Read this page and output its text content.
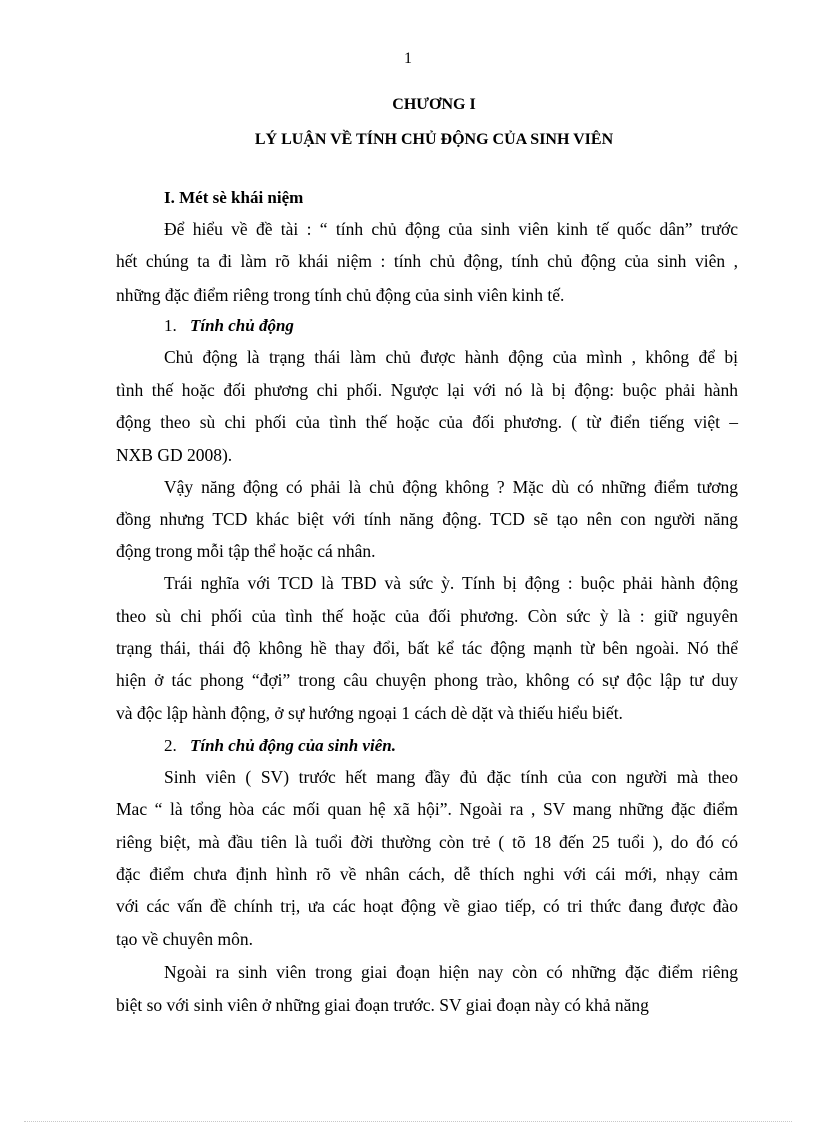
1
CHƯƠNG I
LÝ LUẬN VỀ TÍNH CHỦ ĐỘNG CỦA SINH VIÊN
I. Mét sè khái niệm
Để hiểu về đề tài : “ tính chủ động của sinh viên kinh tế quốc dân” trước
hết chúng ta đi làm rõ khái niệm : tính chủ động, tính chủ động của sinh viên ,
những đặc điểm riêng trong tính chủ động của sinh viên kinh tế.
1. Tính chủ động
Chủ động là trạng thái làm chủ được hành động của mình , không để bị
tình thế hoặc đối phương chi phối. Ngược lại với nó là bị động: buộc phải hành
động theo sù chi phối của tình thế hoặc của đối phương. ( từ điển tiếng việt –
NXB GD 2008).
Vậy năng động có phải là chủ động không ? Mặc dù có những điểm tương
đồng nhưng TCD khác biệt với tính năng động. TCD sẽ tạo nên con người năng
động trong mỗi tập thể hoặc cá nhân.
Trái nghĩa với TCD là TBD và sức ỳ. Tính bị động : buộc phải hành động
theo sù chi phối của tình thế hoặc của đối phương. Còn sức ỳ là : giữ nguyên
trạng thái, thái độ không hề thay đổi, bất kể tác động mạnh từ bên ngoài. Nó thể
hiện ở tác phong “đợi” trong câu chuyện phong trào, không có sự độc lập tư duy
và độc lập hành động, ở sự hướng ngoại 1 cách dè dặt và thiếu hiểu biết.
2. Tính chủ động của sinh viên.
Sinh viên ( SV) trước hết mang đầy đủ đặc tính của con người mà theo
Mac “ là tổng hòa các mối quan hệ xã hội”. Ngoài ra , SV mang những đặc điểm
riêng biệt, mà đầu tiên là tuổi đời thường còn trẻ ( tõ 18 đến 25 tuổi ), do đó có
đặc điểm chưa định hình rõ về nhân cách, dễ thích nghi với cái mới, nhạy cảm
với các vấn đề chính trị, ưa các hoạt động về giao tiếp, có tri thức đang được đào
tạo về chuyên môn.
Ngoài ra sinh viên trong giai đoạn hiện nay còn có những đặc điểm riêng
biệt so với sinh viên ở những giai đoạn trước. SV giai đoạn này có khả năng
